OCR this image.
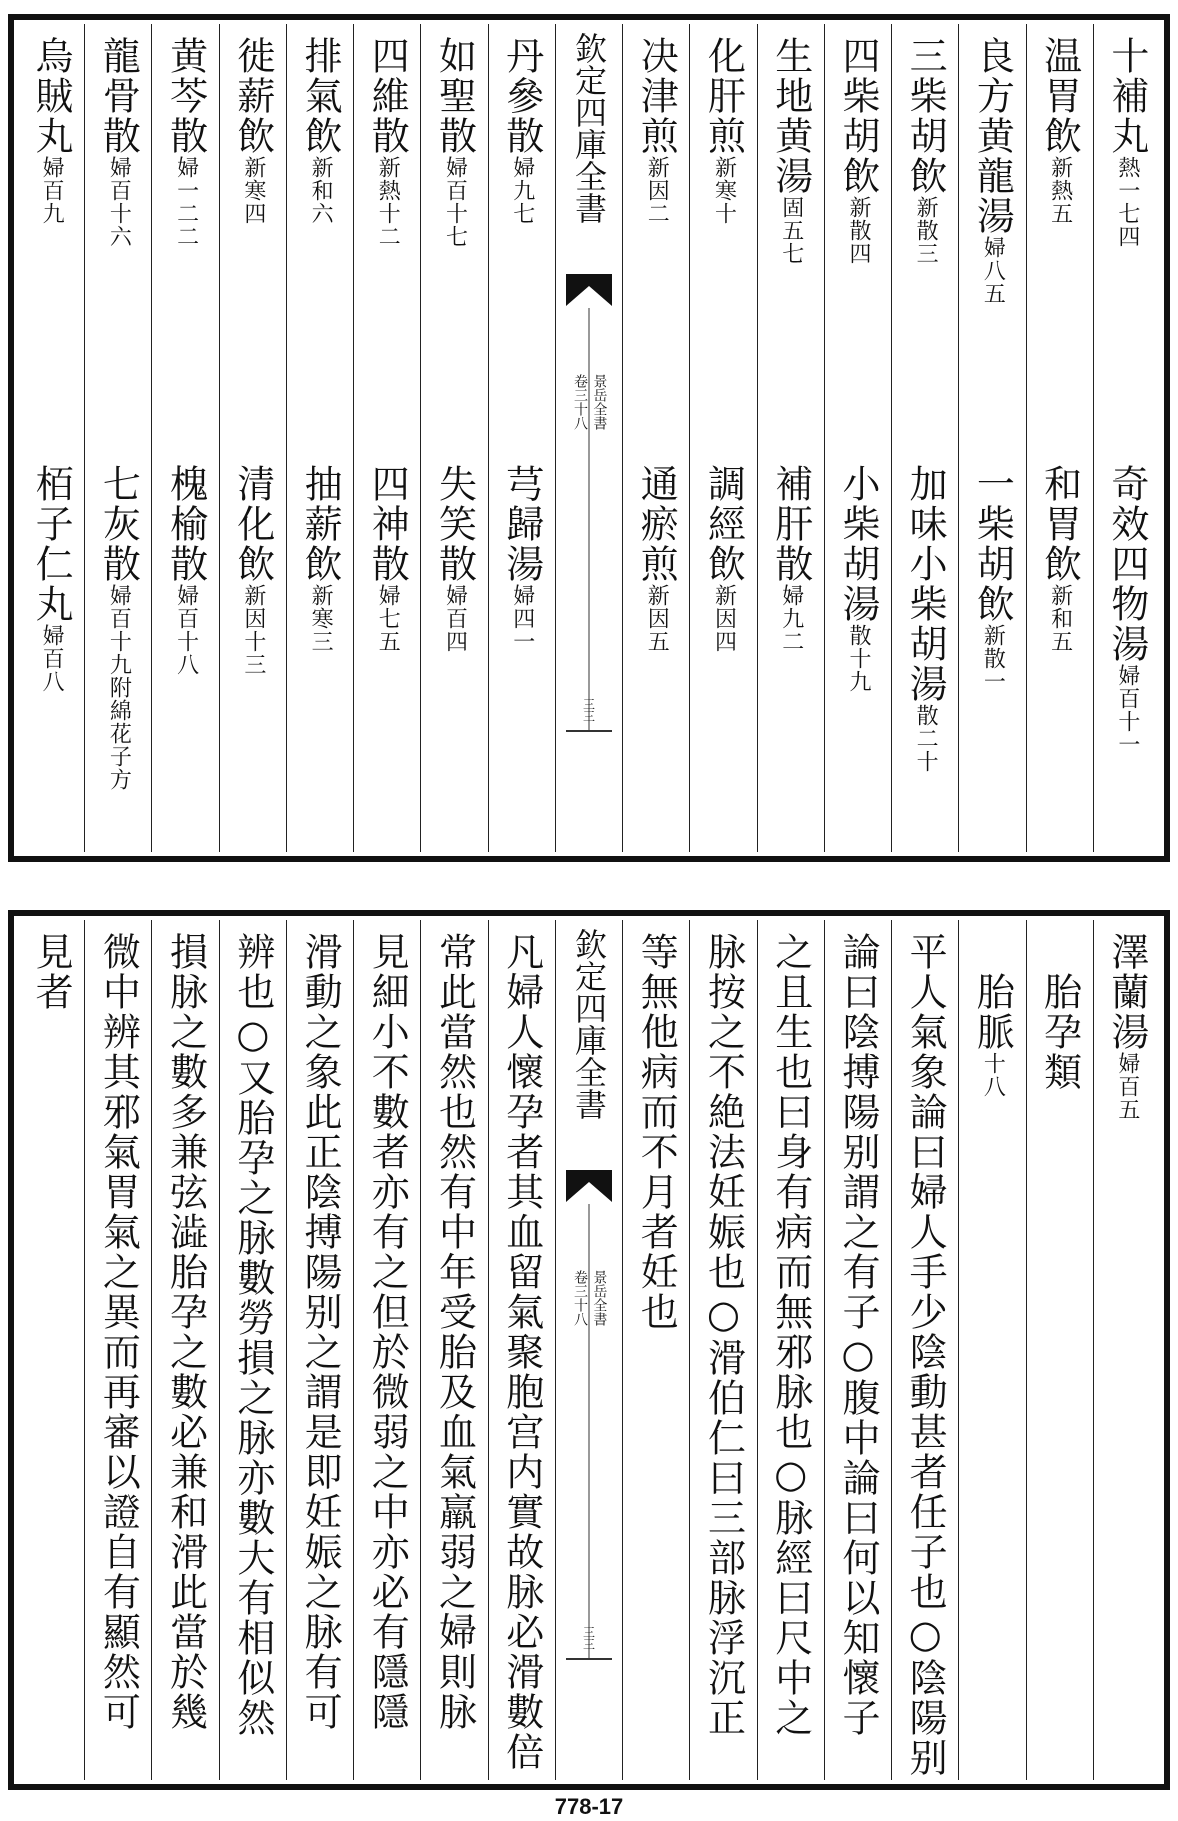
十補丸熱一七四
奇效四物湯婦百十一
温胃飲新熱五
和胃飲新和五
良方黄龍湯婦八五
一柴胡飲新散一
三柴胡飲新散三
加味小柴胡湯散二十
四柴胡飲新散四
小柴胡湯散十九
生地黄湯固五七
補肝散婦九二
化肝煎新寒十
調經飲新因四
决津煎新因二
通瘀煎新因五
欽定四庫全書
景岳全書
卷三十八
三三
丹參散婦九七
芎歸湯婦四一
如聖散婦百十七
失笑散婦百四
四維散新熱十二
四神散婦七五
排氣飲新和六
抽薪飲新寒三
徙薪飲新寒四
清化飲新因十三
黄芩散婦一二二
槐榆散婦百十八
龍骨散婦百十六
七灰散婦百十九附綿花子方
烏賊丸婦百九
栢子仁丸婦百八
澤蘭湯婦百五
　胎孕類
　胎脈十八
平人氣象論曰婦人手少陰動甚者任子也○陰陽别
論曰陰搏陽别謂之有子○腹中論曰何以知懷子
之且生也曰身有病而無邪脉也○脉經曰尺中之
脉按之不絶法妊娠也○滑伯仁曰三部脉浮沉正
等無他病而不月者妊也
欽定四庫全書
景岳全書
卷三十八
三三
凡婦人懷孕者其血留氣聚胞宫内實故脉必滑數倍
常此當然也然有中年受胎及血氣羸弱之婦則脉
見細小不數者亦有之但於微弱之中亦必有隱隱
滑動之象此正陰搏陽别之謂是即妊娠之脉有可
辨也○又胎孕之脉數勞損之脉亦數大有相似然
損脉之數多兼弦澁胎孕之數必兼和滑此當於幾
微中辨其邪氣胃氣之異而再審以證自有顯然可
見者
778-17
